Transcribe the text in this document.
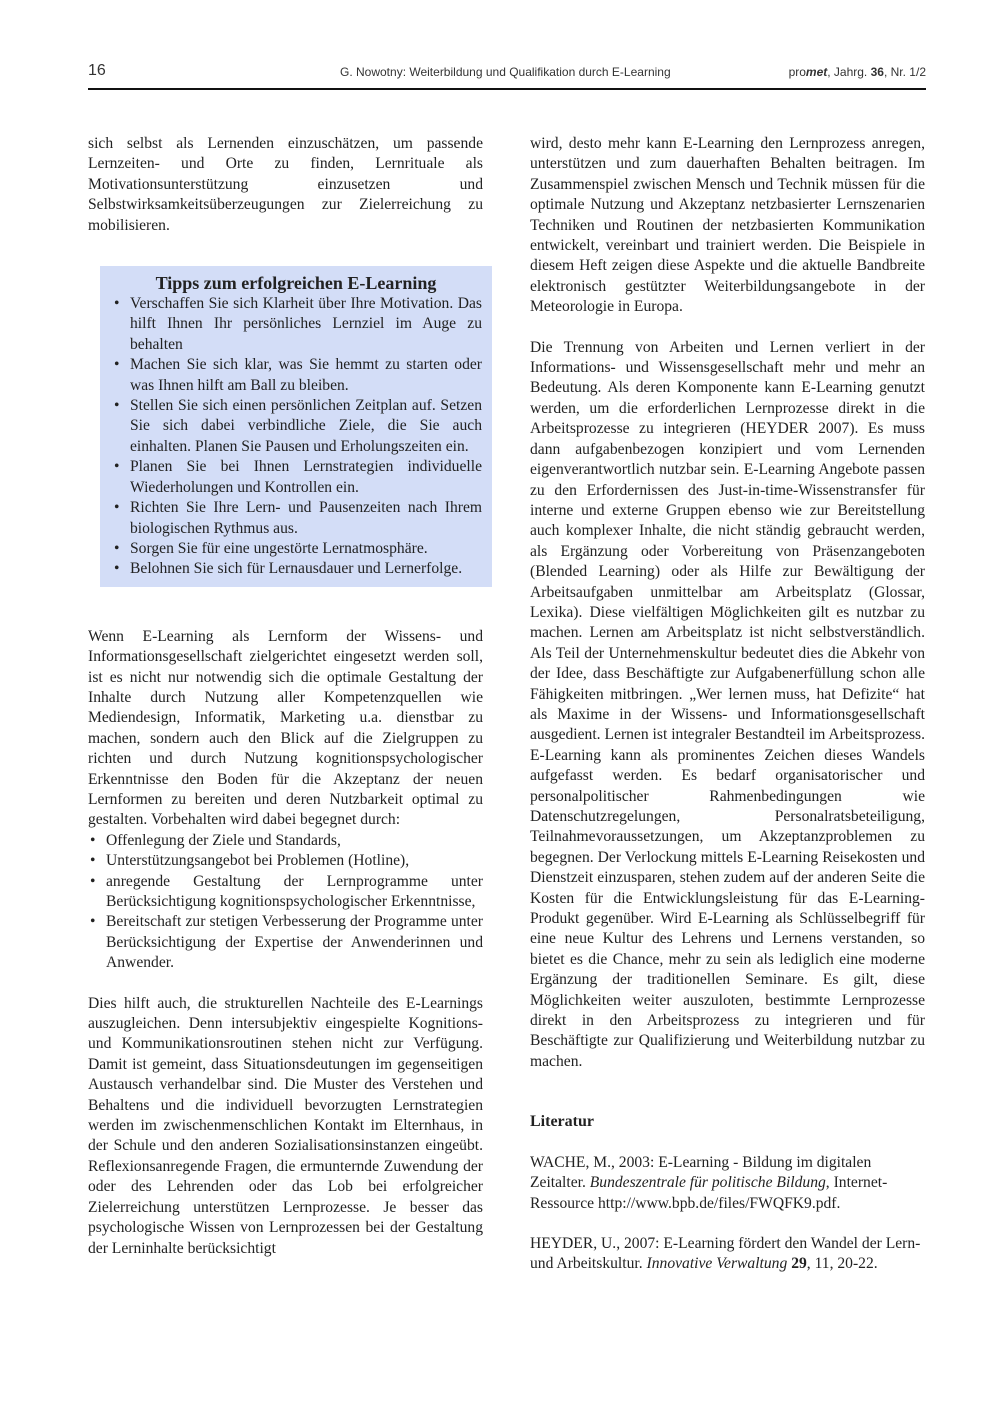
16	G. Nowotny: Weiterbildung und Qualifikation durch E-Learning	promet, Jahrg. 36, Nr. 1/2

sich selbst als Lernenden einzuschätzen, um passende Lernzeiten- und Orte zu finden, Lernrituale als Motivationsunterstützung einzusetzen und Selbstwirksamkeitsüberzeugungen zur Zielerreichung zu mobilisieren.

Tipps zum erfolgreichen E-Learning

• Verschaffen Sie sich Klarheit über Ihre Motivation. Das hilft Ihnen Ihr persönliches Lernziel im Auge zu behalten
• Machen Sie sich klar, was Sie hemmt zu starten oder was Ihnen hilft am Ball zu bleiben.
• Stellen Sie sich einen persönlichen Zeitplan auf. Setzen Sie sich dabei verbindliche Ziele, die Sie auch einhalten. Planen Sie Pausen und Erholungszeiten ein.
• Planen Sie bei Ihnen Lernstrategien individuelle Wiederholungen und Kontrollen ein.
• Richten Sie Ihre Lern- und Pausenzeiten nach Ihrem biologischen Rythmus aus.
• Sorgen Sie für eine ungestörte Lernatmosphäre.
• Belohnen Sie sich für Lernausdauer und Lernerfolge.

Wenn E-Learning als Lernform der Wissens- und Informationsgesellschaft zielgerichtet eingesetzt werden soll, ist es nicht nur notwendig sich die optimale Gestaltung der Inhalte durch Nutzung aller Kompetenzquellen wie Mediendesign, Informatik, Marketing u.a. dienstbar zu machen, sondern auch den Blick auf die Zielgruppen zu richten und durch Nutzung kognitionspsychologischer Erkenntnisse den Boden für die Akzeptanz der neuen Lernformen zu bereiten und deren Nutzbarkeit optimal zu gestalten. Vorbehalten wird dabei begegnet durch:

• Offenlegung der Ziele und Standards,
• Unterstützungsangebot bei Problemen (Hotline),
• anregende Gestaltung der Lernprogramme unter Berücksichtigung kognitionspsychologischer Erkenntnisse,
• Bereitschaft zur stetigen Verbesserung der Programme unter Berücksichtigung der Expertise der Anwenderinnen und Anwender.

Dies hilft auch, die strukturellen Nachteile des E-Learnings auszugleichen. Denn intersubjektiv eingespielte Kognitions- und Kommunikationsroutinen stehen nicht zur Verfügung. Damit ist gemeint, dass Situationsdeutungen im gegenseitigen Austausch verhandelbar sind. Die Muster des Verstehen und Behaltens und die individuell bevorzugten Lernstrategien werden im zwischenmenschlichen Kontakt im Elternhaus, in der Schule und den anderen Sozialisationsinstanzen eingeübt. Reflexionsanregende Fragen, die ermunternde Zuwendung der oder des Lehrenden oder das Lob bei erfolgreicher Zielerreichung unterstützen Lernprozesse. Je besser das psychologische Wissen von Lernprozessen bei der Gestaltung der Lerninhalte berücksichtigt

wird, desto mehr kann E-Learning den Lernprozess anregen, unterstützen und zum dauerhaften Behalten beitragen. Im Zusammenspiel zwischen Mensch und Technik müssen für die optimale Nutzung und Akzeptanz netzbasierter Lernszenarien Techniken und Routinen der netzbasierten Kommunikation entwickelt, vereinbart und trainiert werden. Die Beispiele in diesem Heft zeigen diese Aspekte und die aktuelle Bandbreite elektronisch gestützter Weiterbildungsangebote in der Meteorologie in Europa.

Die Trennung von Arbeiten und Lernen verliert in der Informations- und Wissensgesellschaft mehr und mehr an Bedeutung. Als deren Komponente kann E-Learning genutzt werden, um die erforderlichen Lernprozesse direkt in die Arbeitsprozesse zu integrieren (HEYDER 2007). Es muss dann aufgabenbezogen konzipiert und vom Lernenden eigenverantwortlich nutzbar sein. E-Learning Angebote passen zu den Erfordernissen des Just-in-time-Wissenstransfer für interne und externe Gruppen ebenso wie zur Bereitstellung auch komplexer Inhalte, die nicht ständig gebraucht werden, als Ergänzung oder Vorbereitung von Präsenzangeboten (Blended Learning) oder als Hilfe zur Bewältigung der Arbeitsaufgaben unmittelbar am Arbeitsplatz (Glossar, Lexika). Diese vielfältigen Möglichkeiten gilt es nutzbar zu machen. Lernen am Arbeitsplatz ist nicht selbstverständlich. Als Teil der Unternehmenskultur bedeutet dies die Abkehr von der Idee, dass Beschäftigte zur Aufgabenerfüllung schon alle Fähigkeiten mitbringen. „Wer lernen muss, hat Defizite“ hat als Maxime in der Wissens- und Informationsgesellschaft ausgedient. Lernen ist integraler Bestandteil im Arbeitsprozess. E-Learning kann als prominentes Zeichen dieses Wandels aufgefasst werden. Es bedarf organisatorischer und personalpolitischer Rahmenbedingungen wie Datenschutzregelungen, Personalratsbeteiligung, Teilnahmevoraussetzungen, um Akzeptanzproblemen zu begegnen. Der Verlockung mittels E-Learning Reisekosten und Dienstzeit einzusparen, stehen zudem auf der anderen Seite die Kosten für die Entwicklungsleistung für das E-Learning-Produkt gegenüber. Wird E-Learning als Schlüsselbegriff für eine neue Kultur des Lehrens und Lernens verstanden, so bietet es die Chance, mehr zu sein als lediglich eine moderne Ergänzung der traditionellen Seminare. Es gilt, diese Möglichkeiten weiter auszuloten, bestimmte Lernprozesse direkt in den Arbeitsprozess zu integrieren und für Beschäftigte zur Qualifizierung und Weiterbildung nutzbar zu machen.

Literatur

WACHE, M., 2003: E-Learning - Bildung im digitalen Zeitalter. Bundeszentrale für politische Bildung, Internet-Ressource http://www.bpb.de/files/FWQFK9.pdf.

HEYDER, U., 2007: E-Learning fördert den Wandel der Lern- und Arbeitskultur. Innovative Verwaltung 29, 11, 20-22.
